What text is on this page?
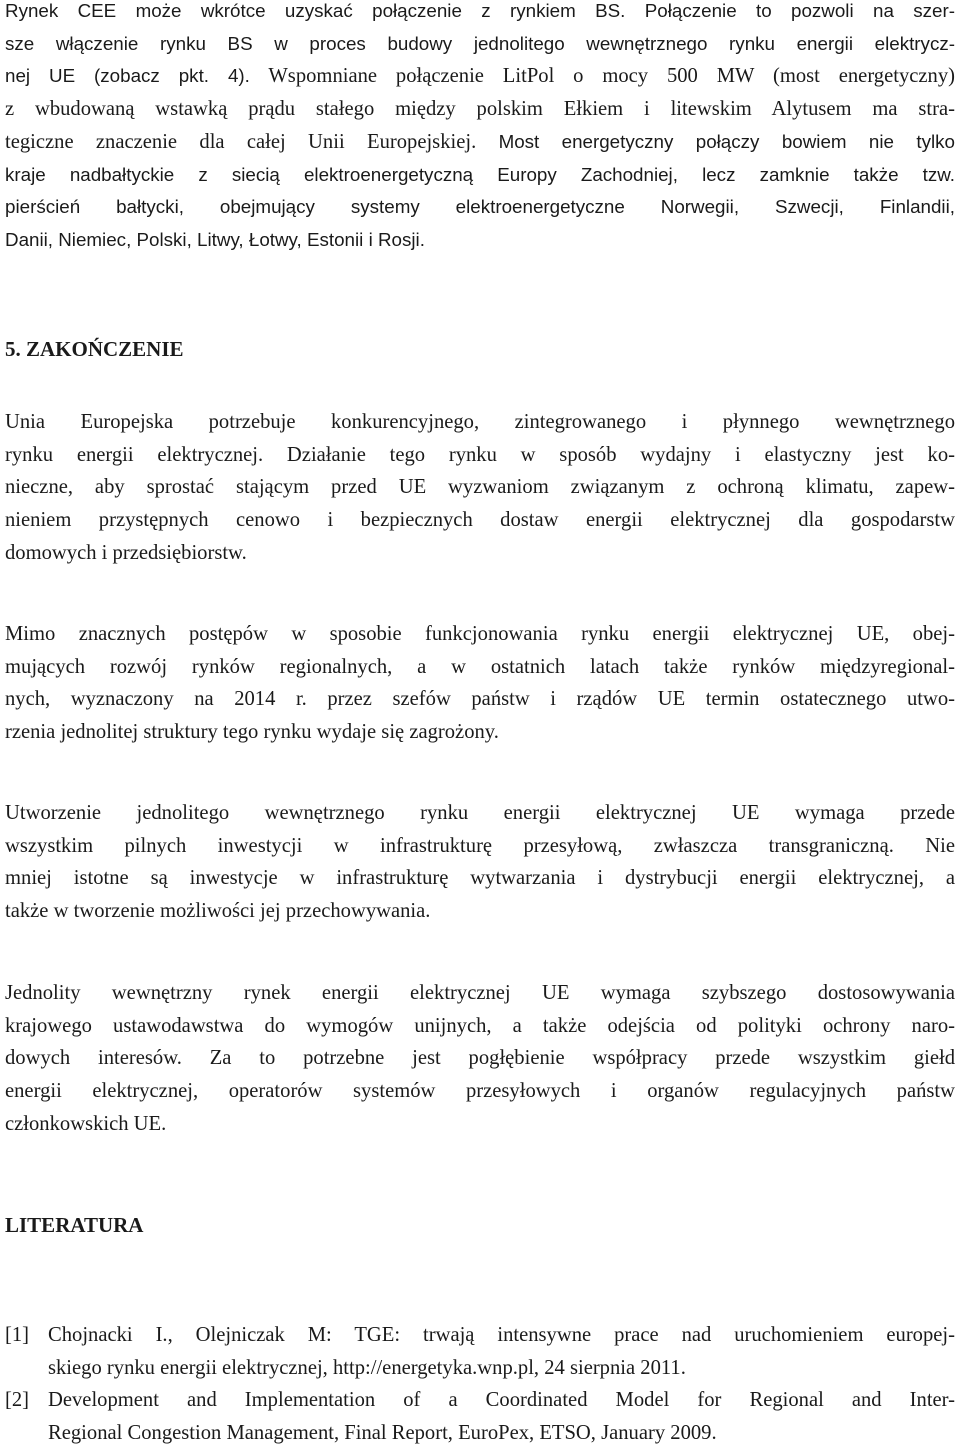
Rynek CEE może wkrótce uzyskać połączenie z rynkiem BS. Połączenie to pozwoli na szer-
sze włączenie rynku BS w proces budowy jednolitego wewnętrznego rynku energii elektrycz-
nej UE (zobacz pkt. 4). Wspomniane połączenie LitPol o mocy 500 MW (most energetyczny)
z wbudowaną wstawką prądu stałego między polskim Ełkiem i litewskim Alytusem ma stra-
tegiczne znaczenie dla całej Unii Europejskiej. Most energetyczny połączy bowiem nie tylko
kraje nadbałtyckie z siecią elektroenergetyczną Europy Zachodniej, lecz zamknie także tzw.
pierścień bałtycki, obejmujący systemy elektroenergetyczne Norwegii, Szwecji, Finlandii,
Danii, Niemiec, Polski, Litwy, Łotwy, Estonii i Rosji.
5. ZAKOŃCZENIE
Unia Europejska potrzebuje konkurencyjnego, zintegrowanego i płynnego wewnętrznego
rynku energii elektrycznej. Działanie tego rynku w sposób wydajny i elastyczny jest ko-
nieczne, aby sprostać stającym przed UE wyzwaniom związanym z ochroną klimatu, zapew-
nieniem przystępnych cenowo i bezpiecznych dostaw energii elektrycznej dla gospodarstw
domowych i przedsiębiorstw.
Mimo znacznych postępów w sposobie funkcjonowania rynku energii elektrycznej UE, obej-
mujących rozwój rynków regionalnych, a w ostatnich latach także rynków międzyregional-
nych, wyznaczony na 2014 r. przez szefów państw i rządów UE termin ostatecznego utwo-
rzenia jednolitej struktury tego rynku wydaje się zagrożony.
Utworzenie jednolitego wewnętrznego rynku energii elektrycznej UE wymaga przede
wszystkim pilnych inwestycji w infrastrukturę przesyłową, zwłaszcza transgraniczną. Nie
mniej istotne są inwestycje w infrastrukturę wytwarzania i dystrybucji energii elektrycznej, a
także w tworzenie możliwości jej przechowywania.
Jednolity wewnętrzny rynek energii elektrycznej UE wymaga szybszego dostosowywania
krajowego ustawodawstwa do wymogów unijnych, a także odejścia od polityki ochrony naro-
dowych interesów. Za to potrzebne jest pogłębienie współpracy przede wszystkim giełd
energii elektrycznej, operatorów systemów przesyłowych i organów regulacyjnych państw
członkowskich UE.
LITERATURA
[1] Chojnacki I., Olejniczak M: TGE: trwają intensywne prace nad uruchomieniem europej-
skiego rynku energii elektrycznej, http://energetyka.wnp.pl, 24 sierpnia 2011.
[2] Development and Implementation of a Coordinated Model for Regional and Inter-
Regional Congestion Management, Final Report, EuroPex, ETSO, January 2009.
